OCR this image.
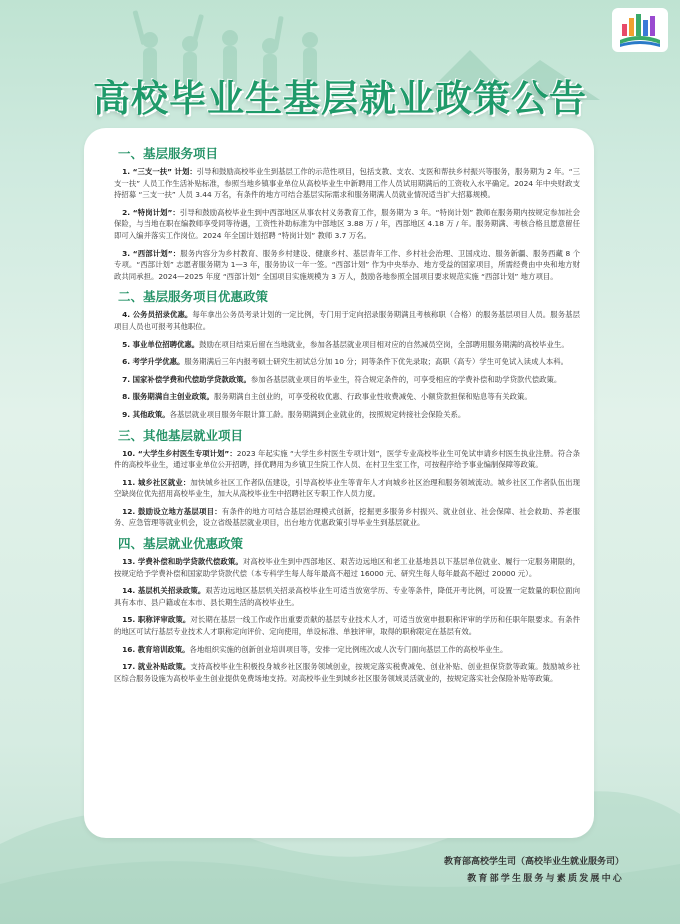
高校毕业生基层就业政策公告
一、基层服务项目

1. “三支一扶” 计划：引导和鼓励高校毕业生到基层工作的示范性项目，包括支教、支农、支医和帮扶乡村振兴等服务，服务期为 2 年。“三支一扶” 人员工作生活补贴标准，参照当地乡镇事业单位从高校毕业生中新聘用工作人员试用期满后的工资收入水平确定。2024 年中央财政支持招募 “三支一扶” 人员 3.44 万名，有条件的地方可结合基层实际需求和服务期满人员就业情况适当扩大招募规模。

2. “特岗计划”：引导和鼓励高校毕业生到中西部地区从事农村义务教育工作，服务期为 3 年。“特岗计划” 教师在服务期内按规定参加社会保险，与当地在职在编教师享受同等待遇，工资性补助标准为中部地区 3.88 万 / 年，西部地区 4.18 万 / 年。服务期满、考核合格且愿意留任即可入编并落实工作岗位。2024 年全国计划招聘 “特岗计划” 教师 3.7 万名。

3. “西部计划”：服务内容分为乡村教育、服务乡村建设、健康乡村、基层青年工作、乡村社会治理、卫国戍边、服务新疆、服务西藏 8 个专项。“西部计划” 志愿者服务期为 1—3 年，服务协议一年一签。“西部计划” 作为中央举办、地方受益的国家项目，所需经费由中央和地方财政共同承担。2024—2025 年度 “西部计划” 全国项目实施规模为 3 万人，鼓励各地参照全国项目要求规范实施 “西部计划” 地方项目。

二、基层服务项目优惠政策

4. 公务员招录优惠。每年拿出公务员考录计划的一定比例，专门用于定向招录服务期满且考核称职（合格）的服务基层项目人员。服务基层项目人员也可报考其他职位。

5. 事业单位招聘优惠。鼓励在项目结束后留在当地就业，参加各基层就业项目相对应的自然减员空岗，全部聘用服务期满的高校毕业生。

6. 考学升学优惠。服务期满后三年内报考硕士研究生初试总分加 10 分；同等条件下优先录取；高职（高专）学生可免试入读成人本科。

7. 国家补偿学费和代偿助学贷款政策。参加各基层就业项目的毕业生，符合规定条件的，可享受相应的学费补偿和助学贷款代偿政策。

8. 服务期满自主创业政策。服务期满自主创业的，可享受税收优惠、行政事业性收费减免、小额贷款担保和贴息等有关政策。

9. 其他政策。各基层就业项目服务年限计算工龄。服务期满到企业就业的，按照规定转接社会保险关系。

三、其他基层就业项目

10. “大学生乡村医生专项计划”：2023 年起实施 “大学生乡村医生专项计划”，医学专业高校毕业生可免试申请乡村医生执业注册。符合条件的高校毕业生，通过事业单位公开招聘，择优聘用为乡镇卫生院工作人员、在村卫生室工作，可按程序给予事业编制保障等政策。

11. 城乡社区就业：加快城乡社区工作者队伍建设，引导高校毕业生等青年人才向城乡社区治理和服务领域流动。城乡社区工作者队伍出现空缺岗位优先招用高校毕业生，加大从高校毕业生中招聘社区专职工作人员力度。

12. 鼓励设立地方基层项目：有条件的地方可结合基层治理模式创新，挖掘更多服务乡村振兴、就业创业、社会保障、社会救助、养老服务、应急管理等就业机会，设立省级基层就业项目，出台地方优惠政策引导毕业生到基层就业。

四、基层就业优惠政策

13. 学费补偿和助学贷款代偿政策。对高校毕业生到中西部地区、艰苦边远地区和老工业基地县以下基层单位就业、履行一定服务期限的，按规定给予学费补偿和国家助学贷款代偿（本专科学生每人每年最高不超过 16000 元、研究生每人每年最高不超过 20000 元）。

14. 基层机关招录政策。艰苦边远地区基层机关招录高校毕业生可适当放宽学历、专业等条件，降低开考比例，可设置一定数量的职位面向具有本市、县户籍或在本市、县长期生活的高校毕业生。

15. 职称评审政策。对长期在基层一线工作或作出重要贡献的基层专业技术人才，可适当放宽申报职称评审的学历和任职年限要求。有条件的地区可试行基层专业技术人才职称定向评价、定向使用，单设标准、单独评审，取得的职称限定在基层有效。

16. 教育培训政策。各地组织实施的创新创业培训项目等，安排一定比例班次或人次专门面向基层工作的高校毕业生。

17. 就业补贴政策。支持高校毕业生积极投身城乡社区服务领域创业，按规定落实税费减免、创业补贴、创业担保贷款等政策。鼓励城乡社区综合服务设施为高校毕业生创业提供免费场地支持。对高校毕业生到城乡社区服务领域灵活就业的，按规定落实社会保险补贴等政策。

教育部高校学生司（高校毕业生就业服务司）
教育部学生服务与素质发展中心
